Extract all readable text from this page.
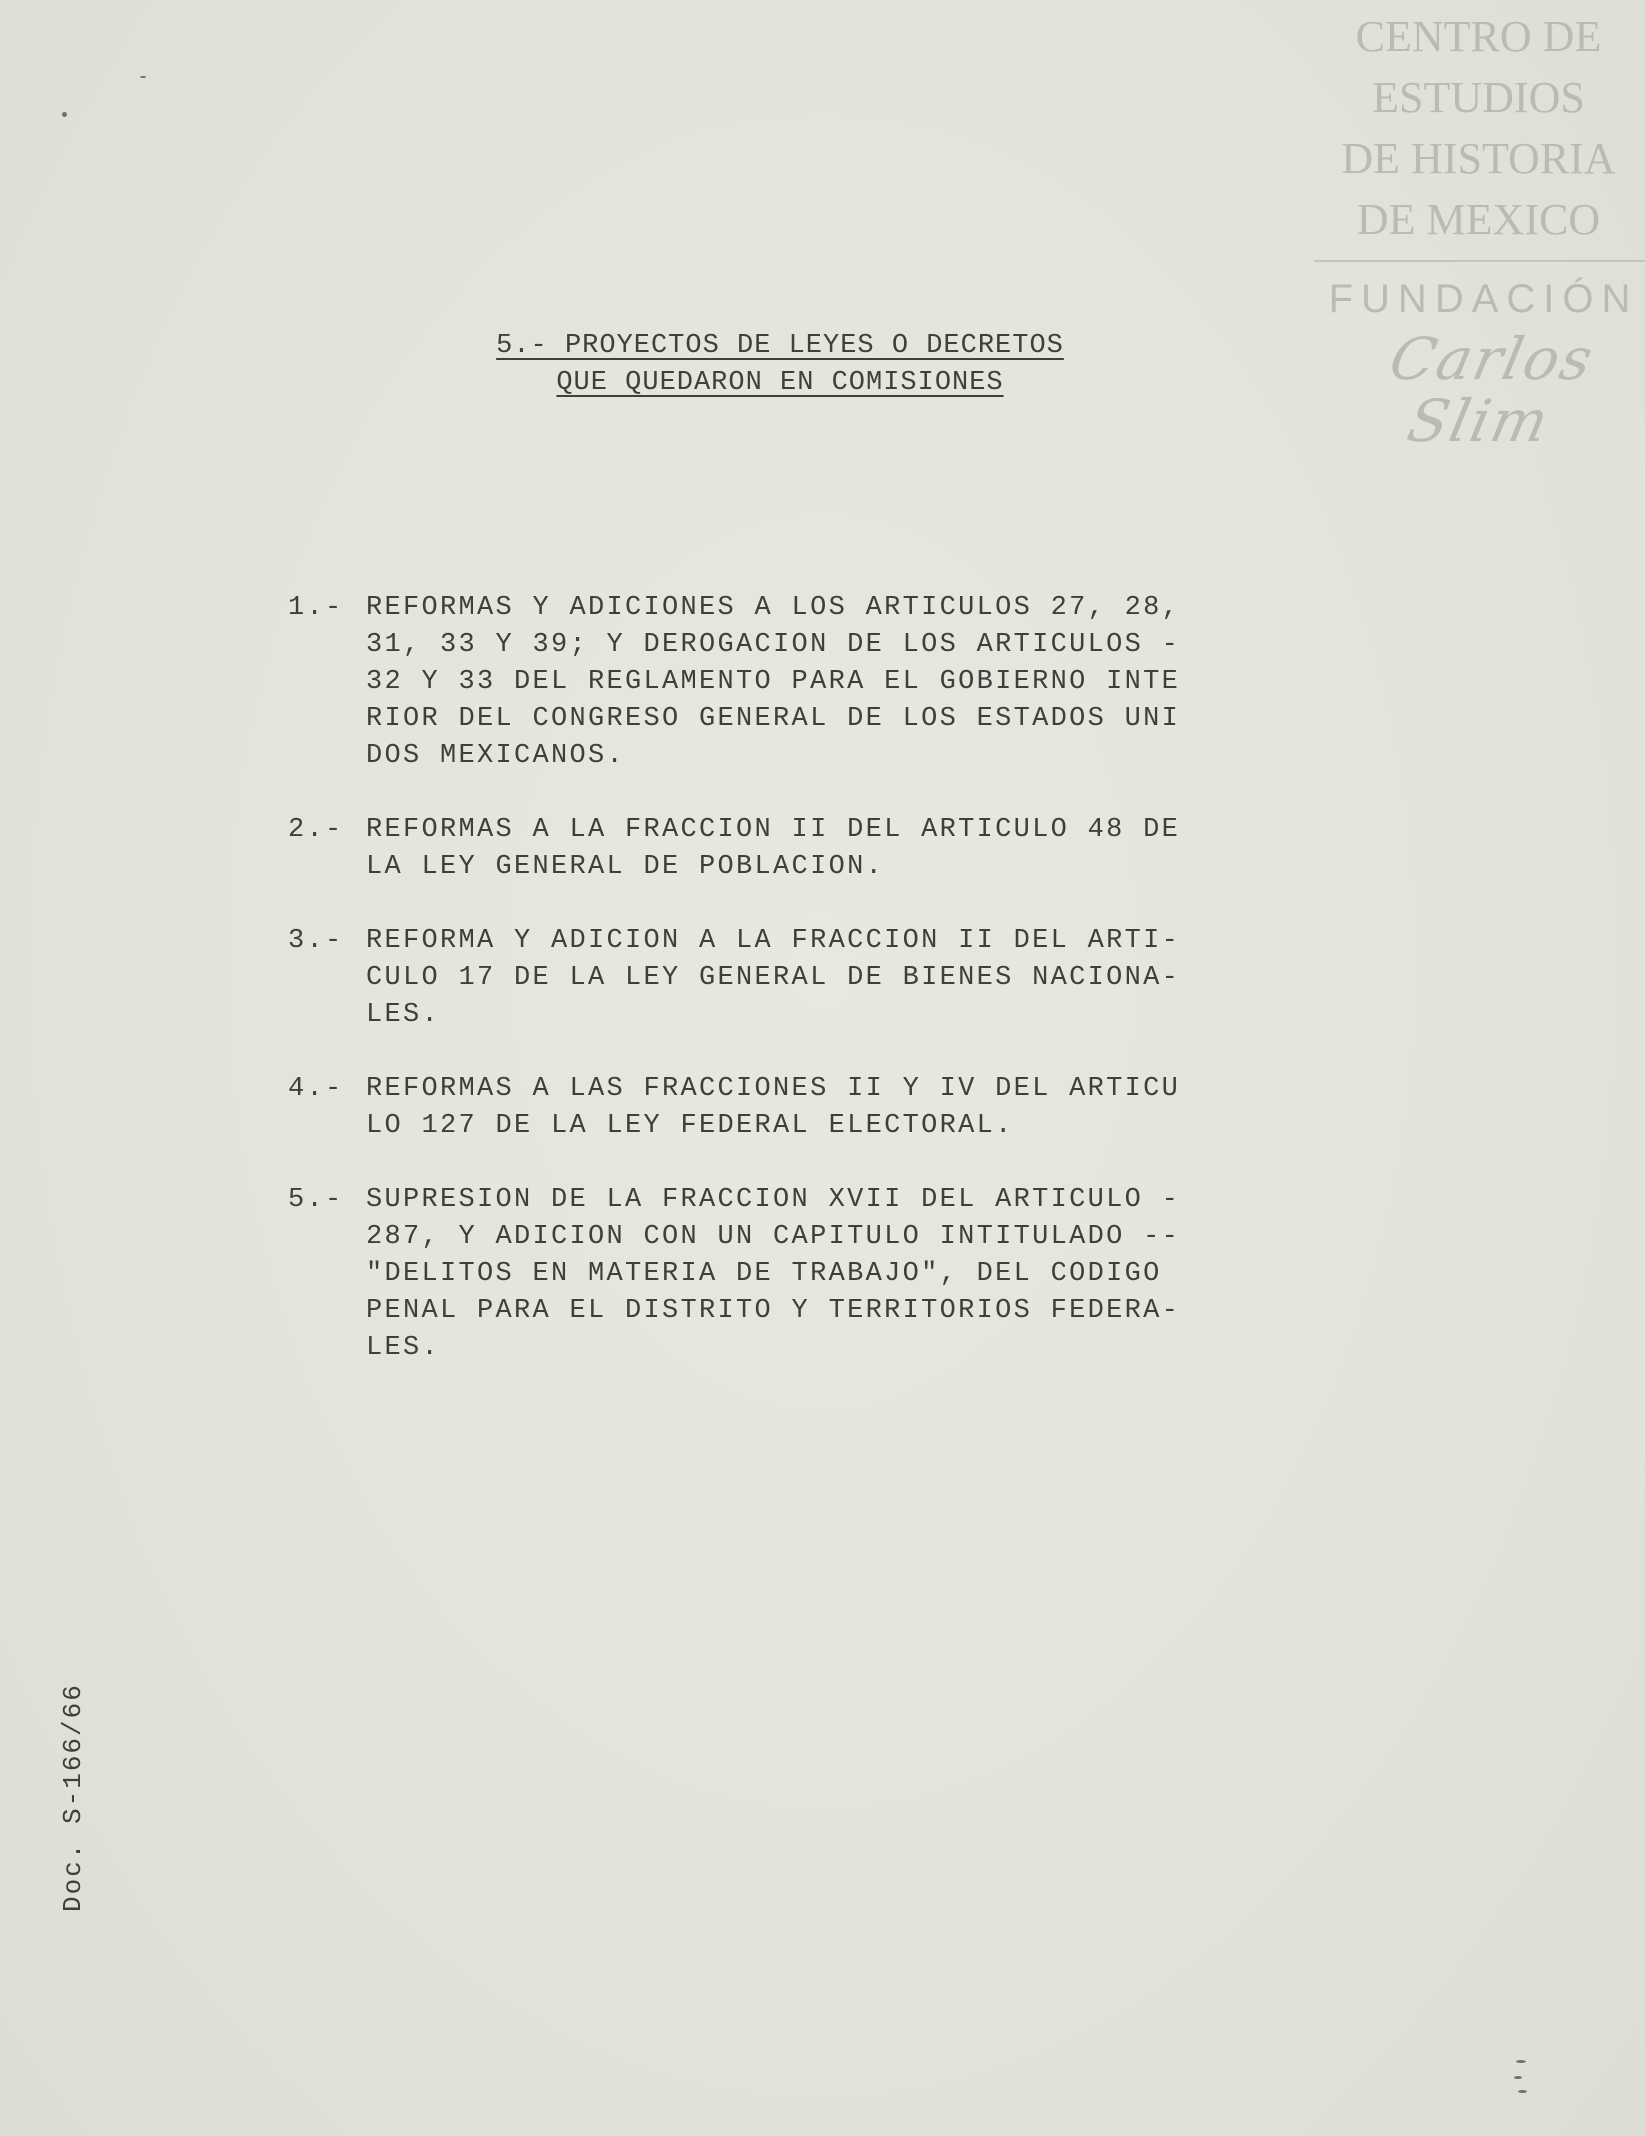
CENTRO DE
ESTUDIOS
DE HISTORIA
DE MEXICO
FUNDACIÓN
Carlos Slim
5.- PROYECTOS DE LEYES O DECRETOS
QUE QUEDARON EN COMISIONES
1.- REFORMAS Y ADICIONES A LOS ARTICULOS 27, 28,
31, 33 Y 39; Y DEROGACION DE LOS ARTICULOS -
32 Y 33 DEL REGLAMENTO PARA EL GOBIERNO INTE
RIOR DEL CONGRESO GENERAL DE LOS ESTADOS UNI
DOS MEXICANOS.
2.- REFORMAS A LA FRACCION II DEL ARTICULO 48 DE
LA LEY GENERAL DE POBLACION.
3.- REFORMA Y ADICION A LA FRACCION II DEL ARTI-
CULO 17 DE LA LEY GENERAL DE BIENES NACIONA-
LES.
4.- REFORMAS A LAS FRACCIONES II Y IV DEL ARTICU
LO 127 DE LA LEY FEDERAL ELECTORAL.
5.- SUPRESION DE LA FRACCION XVII DEL ARTICULO -
287, Y ADICION CON UN CAPITULO INTITULADO --
"DELITOS EN MATERIA DE TRABAJO", DEL CODIGO
PENAL PARA EL DISTRITO Y TERRITORIOS FEDERA-
LES.
Doc. S-166/66
